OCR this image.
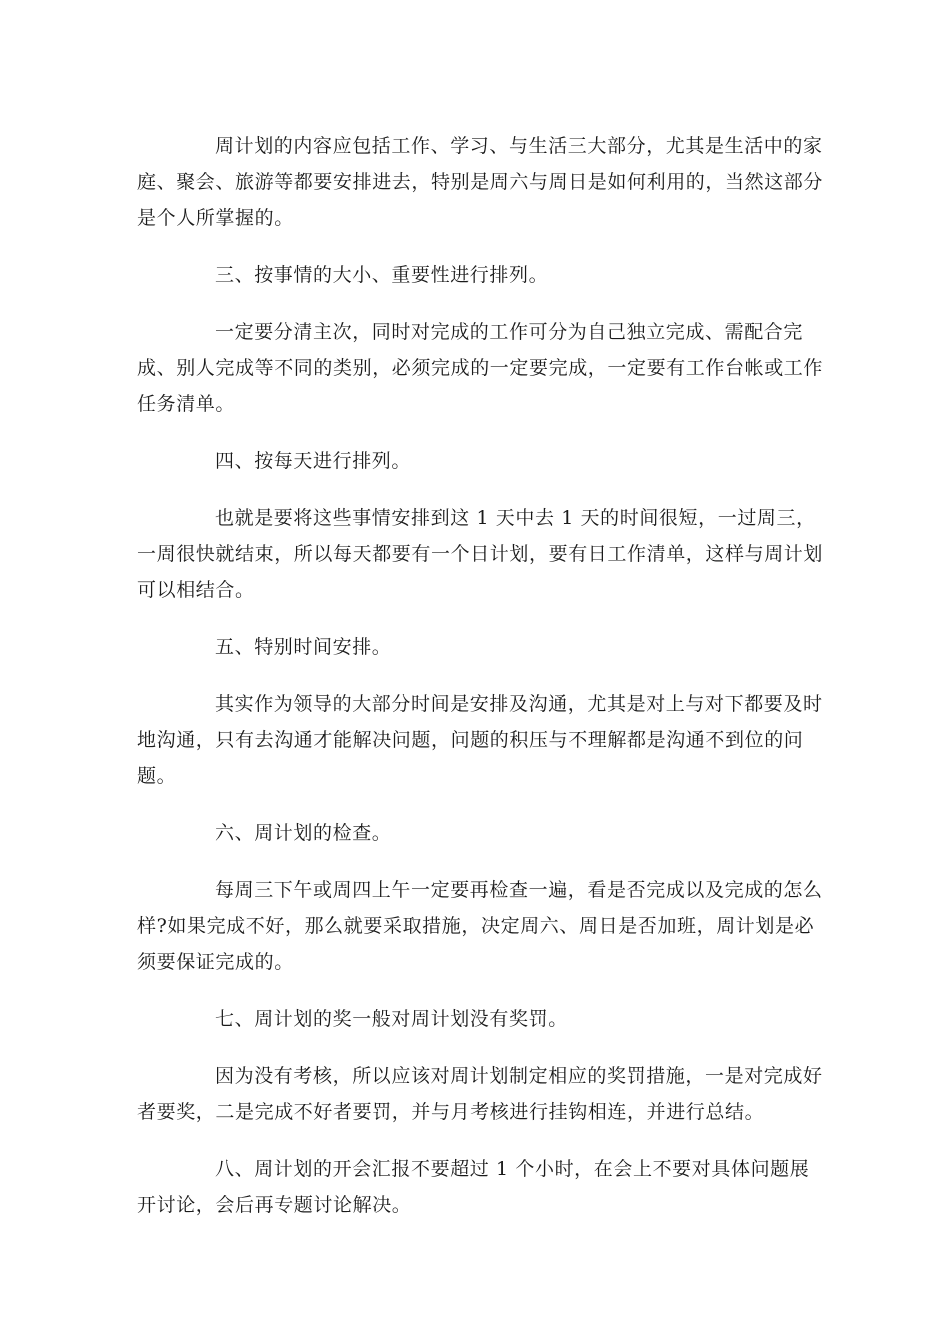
周计划的内容应包括工作、学习、与生活三大部分，尤其是生活中的家庭、聚会、旅游等都要安排进去，特别是周六与周日是如何利用的，当然这部分是个人所掌握的。

三、按事情的大小、重要性进行排列。

一定要分清主次，同时对完成的工作可分为自己独立完成、需配合完成、别人完成等不同的类别，必须完成的一定要完成，一定要有工作台帐或工作任务清单。

四、按每天进行排列。

也就是要将这些事情安排到这 1 天中去 1 天的时间很短，一过周三，一周很快就结束，所以每天都要有一个日计划，要有日工作清单，这样与周计划可以相结合。

五、特别时间安排。

其实作为领导的大部分时间是安排及沟通，尤其是对上与对下都要及时地沟通，只有去沟通才能解决问题，问题的积压与不理解都是沟通不到位的问题。

六、周计划的检查。

每周三下午或周四上午一定要再检查一遍，看是否完成以及完成的怎么样?如果完成不好，那么就要采取措施，决定周六、周日是否加班，周计划是必须要保证完成的。

七、周计划的奖一般对周计划没有奖罚。

因为没有考核，所以应该对周计划制定相应的奖罚措施，一是对完成好者要奖，二是完成不好者要罚，并与月考核进行挂钩相连，并进行总结。

八、周计划的开会汇报不要超过 1 个小时，在会上不要对具体问题展开讨论，会后再专题讨论解决。
